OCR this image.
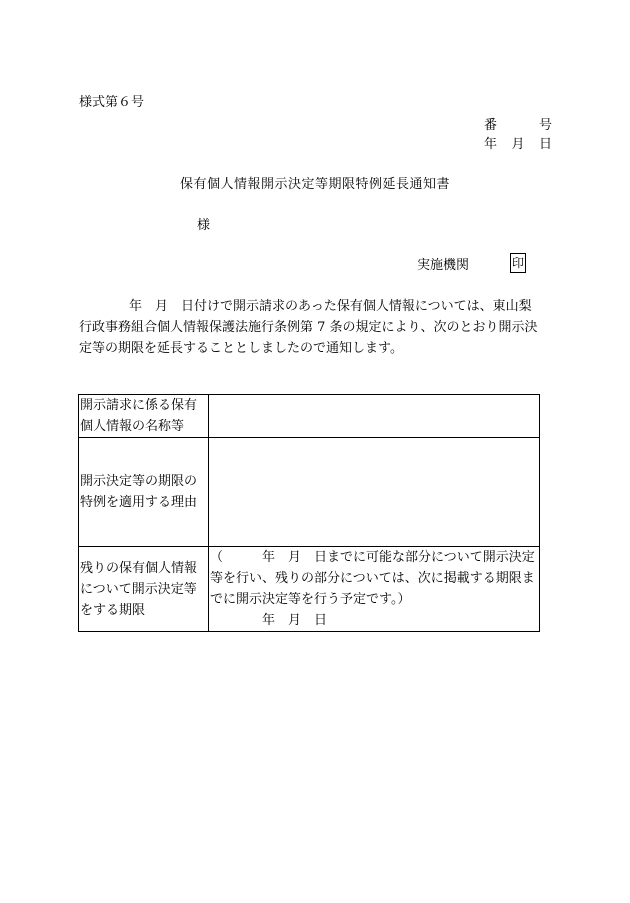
様式第６号
番	号
年 月 日
保有個人情報開示決定等期限特例延長通知書
様
実施機関	印
年　月　日付けで開示請求のあった保有個人情報については、東山梨
行政事務組合個人情報保護法施行条例第 7 条の規定により、次のとおり開示決
定等の期限を延長することとしましたので通知します。
開示請求に係る保有個人情報の名称等	
開示決定等の期限の特例を適用する理由	
残りの保有個人情報について開示決定等をする期限	（　　　年　月　日までに可能な部分について開示決定
等を行い、残りの部分については、次に掲載する期限ま
でに開示決定等を行う予定です。）
年　月　日
